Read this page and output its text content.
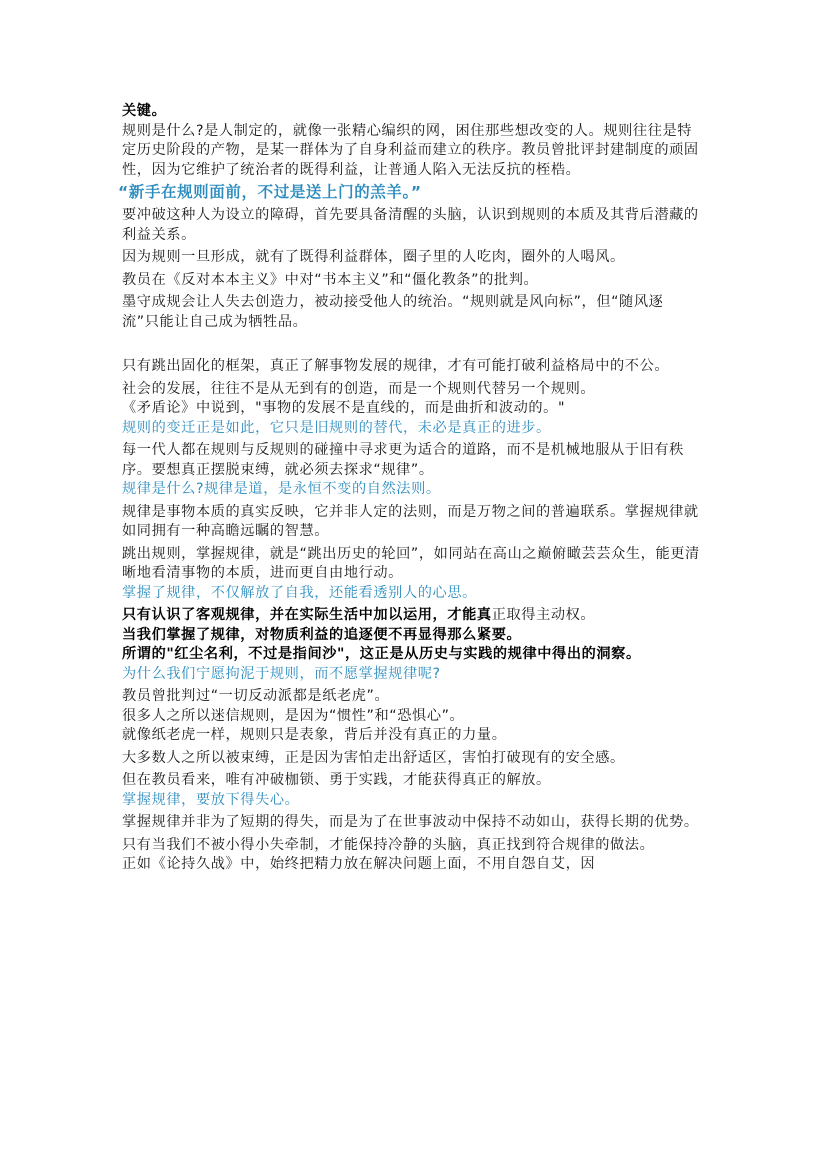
关键。

规则是什么?是人制定的，就像一张精心编织的网，困住那些想改变的人。规则往往是特定历史阶段的产物，是某一群体为了自身利益而建立的秩序。教员曾批评封建制度的顽固性，因为它维护了统治者的既得利益，让普通人陷入无法反抗的桎梏。

“新手在规则面前，不过是送上门的羔羊。”

要冲破这种人为设立的障碍，首先要具备清醒的头脑，认识到规则的本质及其背后潜藏的利益关系。

因为规则一旦形成，就有了既得利益群体，圈子里的人吃肉，圈外的人喝风。

教员在《反对本本主义》中对“书本主义”和“僵化教条”的批判。

墨守成规会让人失去创造力，被动接受他人的统治。“规则就是风向标”，但“随风逐流”只能让自己成为牺牲品。

只有跳出固化的框架，真正了解事物发展的规律，才有可能打破利益格局中的不公。

社会的发展，往往不是从无到有的创造，而是一个规则代替另一个规则。

《矛盾论》中说到，"事物的发展不是直线的，而是曲折和波动的。"

规则的变迁正是如此，它只是旧规则的替代，未必是真正的进步。

每一代人都在规则与反规则的碰撞中寻求更为适合的道路，而不是机械地服从于旧有秩序。要想真正摆脱束缚，就必须去探求“规律”。

规律是什么?规律是道，是永恒不变的自然法则。

规律是事物本质的真实反映，它并非人定的法则，而是万物之间的普遍联系。掌握规律就如同拥有一种高瞻远瞩的智慧。

跳出规则，掌握规律，就是“跳出历史的轮回”，如同站在高山之巅俯瞰芸芸众生，能更清晰地看清事物的本质，进而更自由地行动。

掌握了规律，不仅解放了自我，还能看透别人的心思。

只有认识了客观规律，并在实际生活中加以运用，才能真正取得主动权。

当我们掌握了规律，对物质利益的追逐便不再显得那么紧要。

所谓的"红尘名利，不过是指间沙"，这正是从历史与实践的规律中得出的洞察。

为什么我们宁愿拘泥于规则，而不愿掌握规律呢?

教员曾批判过“一切反动派都是纸老虎”。

很多人之所以迷信规则，是因为“惯性”和“恐惧心”。

就像纸老虎一样，规则只是表象，背后并没有真正的力量。

大多数人之所以被束缚，正是因为害怕走出舒适区，害怕打破现有的安全感。

但在教员看来，唯有冲破枷锁、勇于实践，才能获得真正的解放。

掌握规律，要放下得失心。

掌握规律并非为了短期的得失，而是为了在世事波动中保持不动如山，获得长期的优势。

只有当我们不被小得小失牵制，才能保持冷静的头脑，真正找到符合规律的做法。

正如《论持久战》中，始终把精力放在解决问题上面，不用自怨自艾，因
